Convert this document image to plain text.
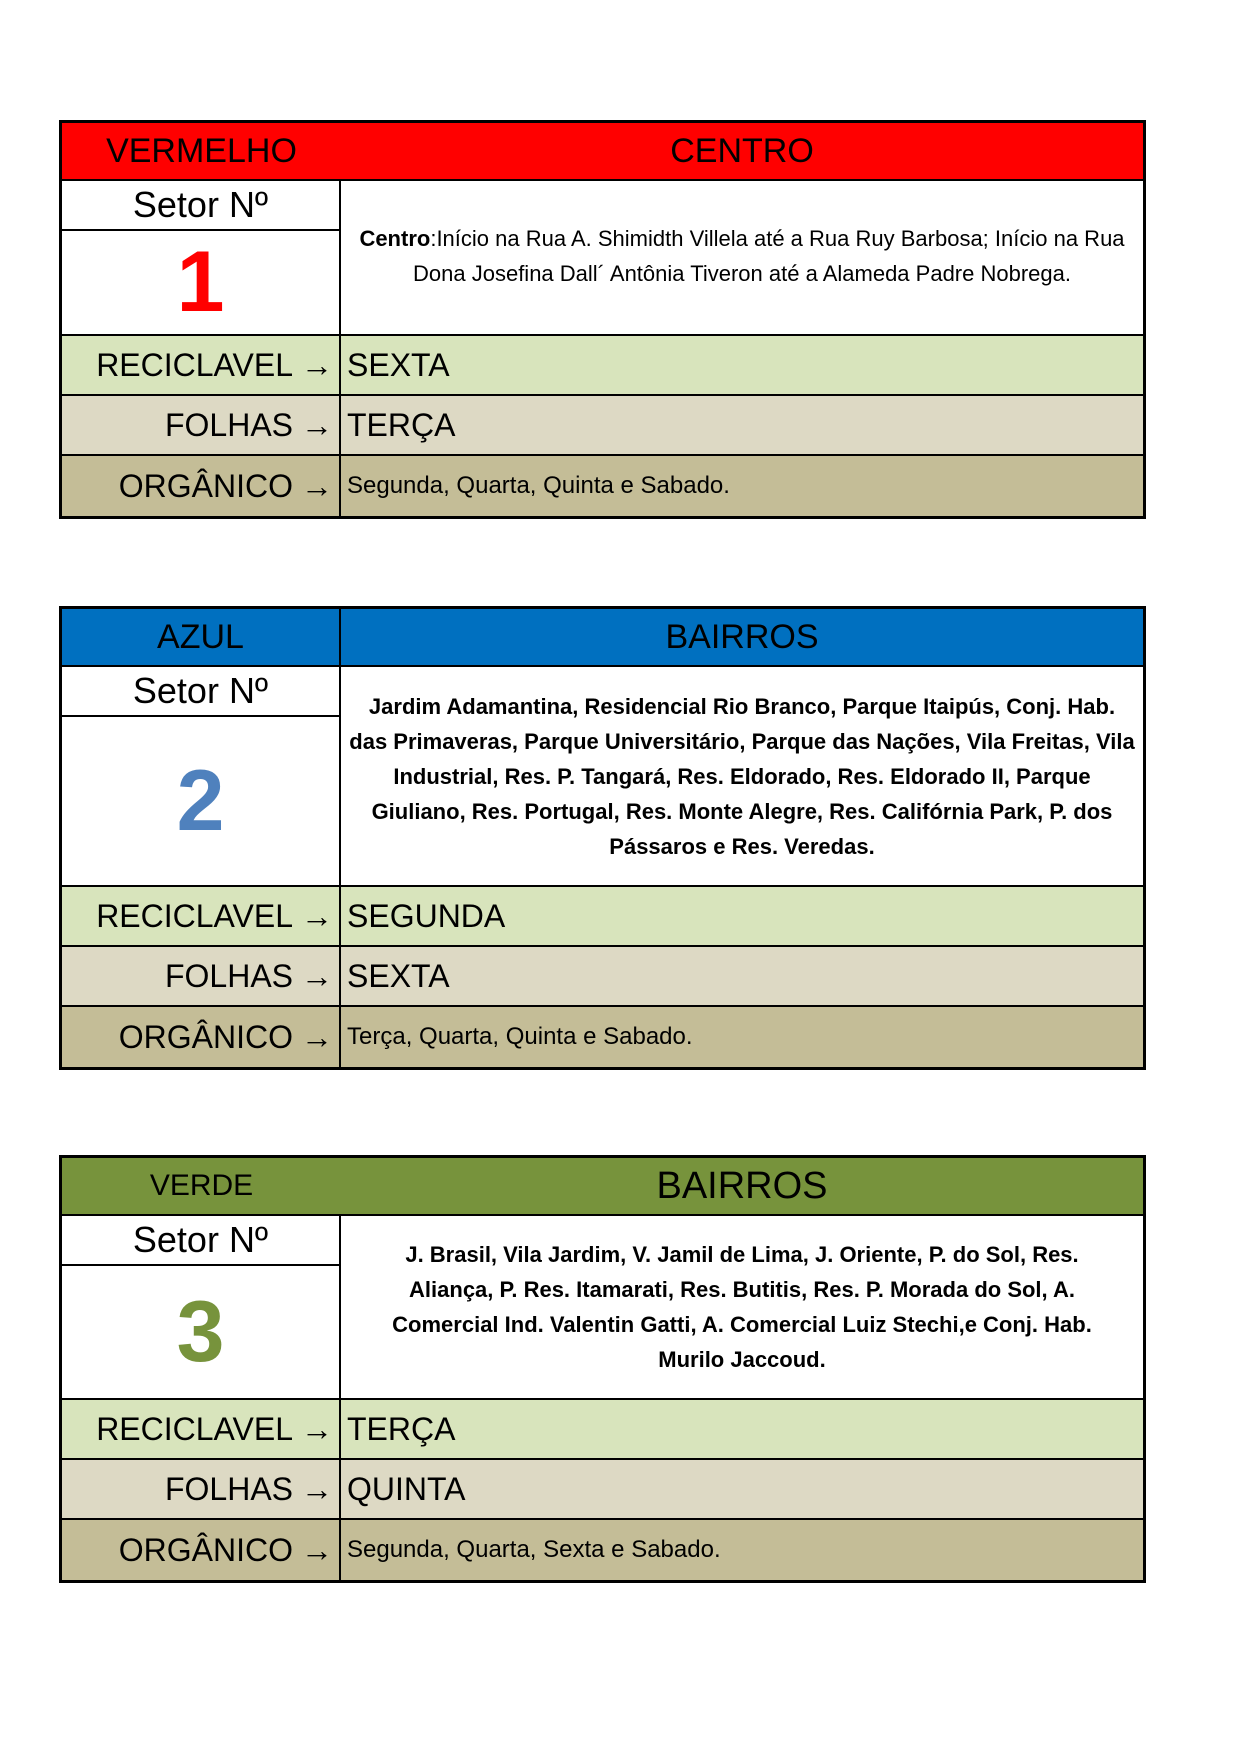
VERMELHO	CENTRO
Setor Nº
1	Centro:Início na Rua A. Shimidth Villela até a Rua Ruy Barbosa; Início na Rua Dona Josefina Dall´ Antônia Tiveron até a Alameda Padre Nobrega.
RECICLAVEL → SEXTA
FOLHAS → TERÇA
ORGÂNICO → Segunda, Quarta, Quinta e Sabado.
AZUL	BAIRROS
Setor Nº
2
Jardim Adamantina, Residencial Rio Branco, Parque Itaipús, Conj. Hab. das Primaveras, Parque Universitário, Parque das Nações, Vila Freitas, Vila Industrial, Res. P. Tangará, Res. Eldorado, Res. Eldorado II, Parque Giuliano, Res. Portugal, Res. Monte Alegre, Res. Califórnia Park, P. dos Pássaros e Res. Veredas.
RECICLAVEL → SEGUNDA
FOLHAS → SEXTA
ORGÂNICO → Terça, Quarta, Quinta e Sabado.
VERDE	BAIRROS
Setor Nº
3
J. Brasil, Vila Jardim, V. Jamil de Lima, J. Oriente, P. do Sol, Res. Aliança, P. Res. Itamarati, Res. Butitis, Res. P. Morada do Sol, A. Comercial Ind. Valentin Gatti, A. Comercial Luiz Stechi,e Conj. Hab. Murilo Jaccoud.
RECICLAVEL → TERÇA
FOLHAS → QUINTA
ORGÂNICO → Segunda, Quarta, Sexta e Sabado.
